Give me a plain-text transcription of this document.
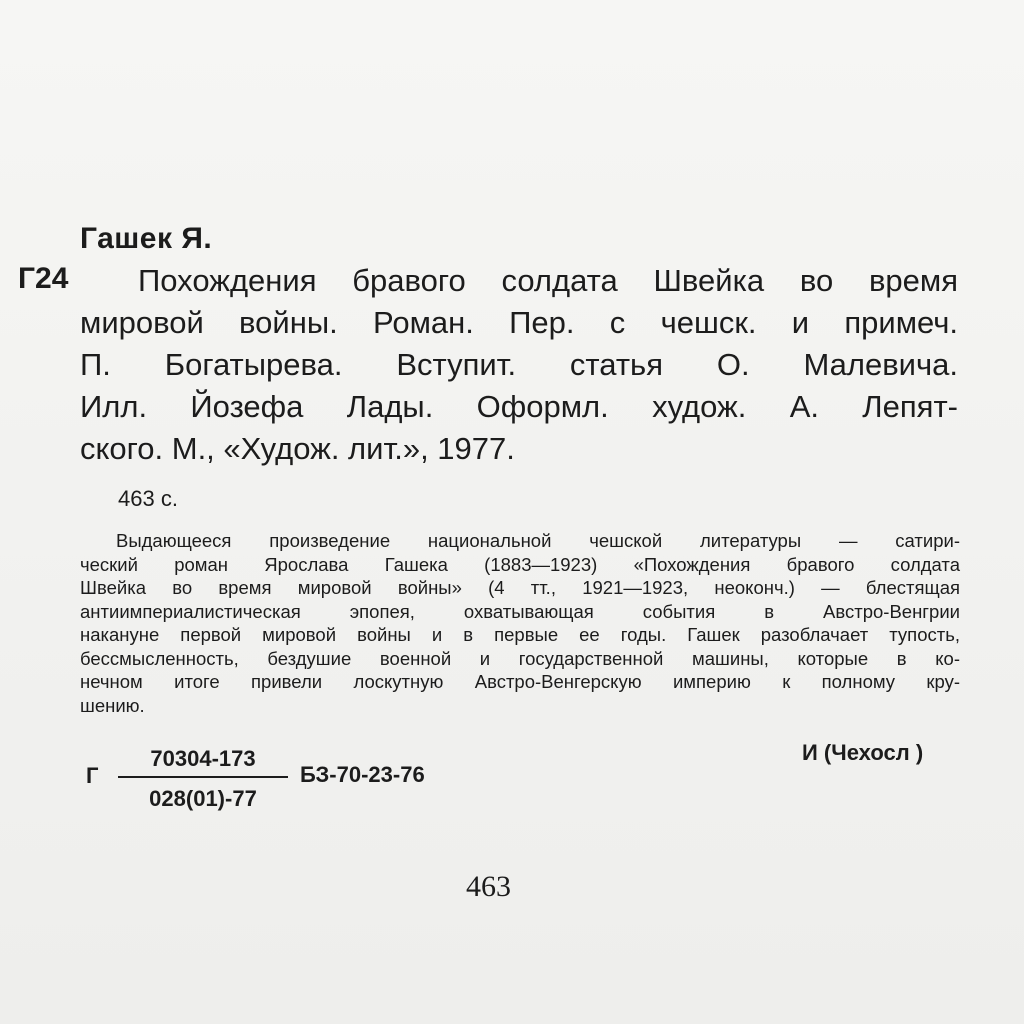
Гашек Я.
Г24	Похождения бравого солдата Швейка во время
мировой войны. Роман. Пер. с чешск. и примеч.
П. Богатырева. Вступит. статья О. Малевича.
Илл. Йозефа Лады. Оформл. худож. А. Лепят-
ского. М., «Худож. лит.», 1977.
463 с.
Выдающееся произведение национальной чешской литературы — сатири-
ческий роман Ярослава Гашека (1883—1923) «Похождения бравого солдата
Швейка во время мировой войны» (4 тт., 1921—1923, неоконч.) — блестящая
антиимпериалистическая эпопея, охватывающая события в Австро-Венгрии
накануне первой мировой войны и в первые ее годы. Гашек разоблачает тупость,
бессмысленность, бездушие военной и государственной машины, которые в ко-
нечном итоге привели лоскутную Австро-Венгерскую империю к полному кру-
шению.
Г
70304-173
028(01)-77
БЗ-70-23-76
И (Чехосл )
463
